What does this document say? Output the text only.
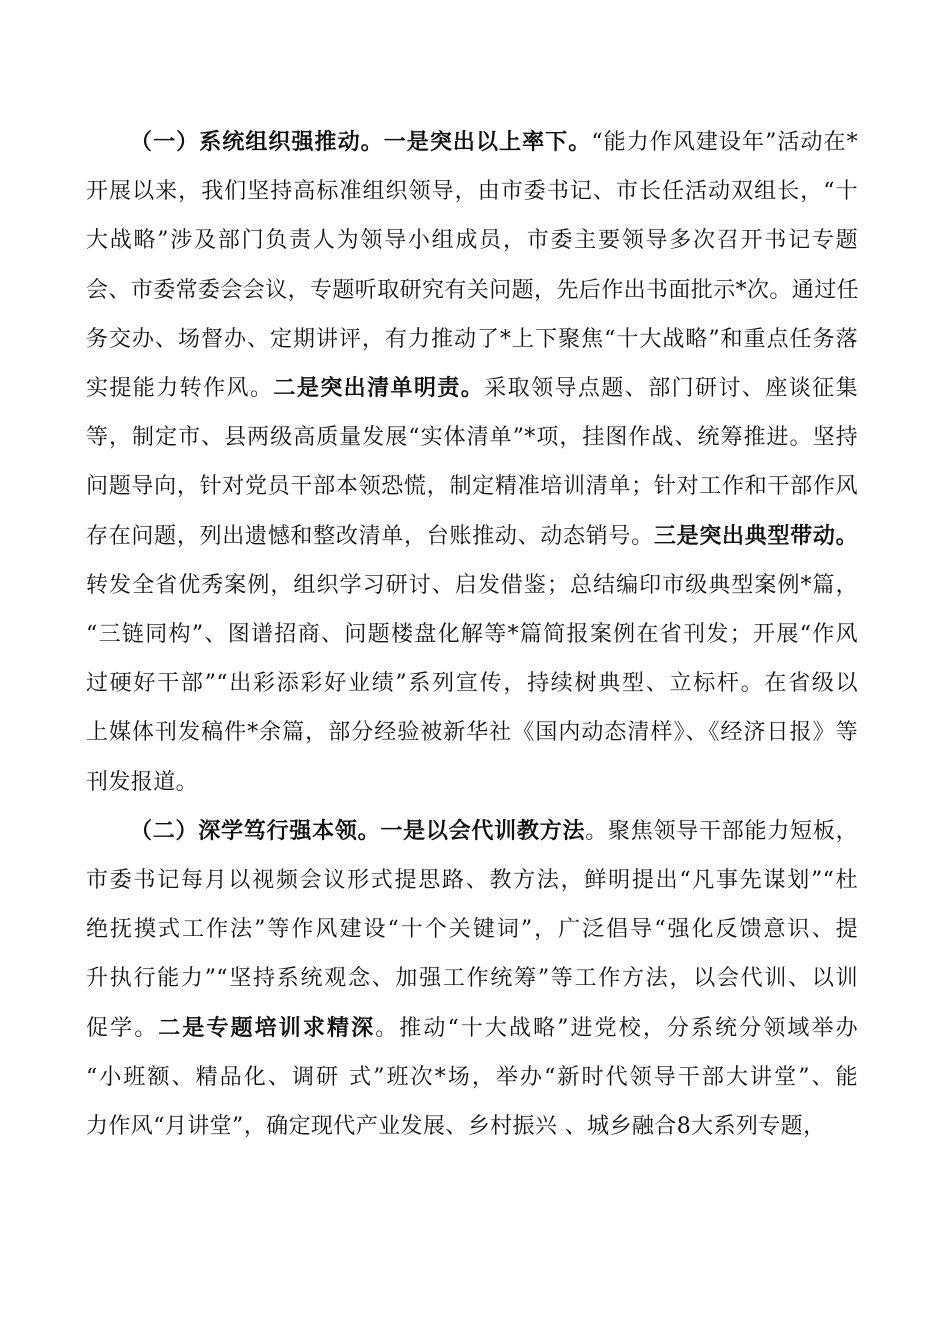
（一）系统组织强推动。一是突出以上率下。“能力作风建设年”活动在*
开展以来，我们坚持高标准组织领导，由市委书记、市长任活动双组长，“十
大战略”涉及部门负责人为领导小组成员，市委主要领导多次召开书记专题
会、市委常委会会议，专题听取研究有关问题，先后作出书面批示*次。通过任
务交办、场督办、定期讲评，有力推动了*上下聚焦“十大战略”和重点任务落
实提能力转作风。二是突出清单明责。采取领导点题、部门研讨、座谈征集
等，制定市、县两级高质量发展“实体清单”*项，挂图作战、统筹推进。坚持
问题导向，针对党员干部本领恐慌，制定精准培训清单；针对工作和干部作风
存在问题，列出遗憾和整改清单，台账推动、动态销号。三是突出典型带动。
转发全省优秀案例，组织学习研讨、启发借鉴；总结编印市级典型案例*篇，
“三链同构”、图谱招商、问题楼盘化解等*篇简报案例在省刊发；开展“作风
过硬好干部”“出彩添彩好业绩”系列宣传，持续树典型、立标杆。在省级以
上媒体刊发稿件*余篇，部分经验被新华社《国内动态清样》、《经济日报》等
刊发报道。
（二）深学笃行强本领。一是以会代训教方法。聚焦领导干部能力短板，
市委书记每月以视频会议形式提思路、教方法，鲜明提出“凡事先谋划”“杜
绝抚摸式工作法”等作风建设“十个关键词”，广泛倡导“强化反馈意识、提
升执行能力”“坚持系统观念、加强工作统筹”等工作方法，以会代训、以训
促学。二是专题培训求精深。推动“十大战略”进党校，分系统分领域举办
“小班额、精品化、调研 式”班次*场，举办“新时代领导干部大讲堂”、能
力作风“月讲堂”，确定现代产业发展、乡村振兴 、城乡融合8大系列专题，
